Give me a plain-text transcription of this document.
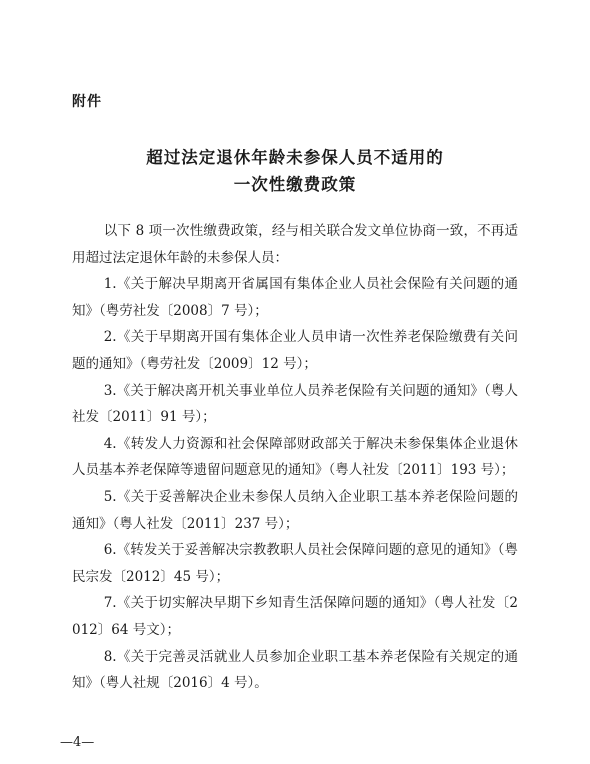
附件
超过法定退休年龄未参保人员不适用的
一次性缴费政策

以下 8 项一次性缴费政策，经与相关联合发文单位协商一致，不再适用超过法定退休年龄的未参保人员：

1.《关于解决早期离开省属国有集体企业人员社会保险有关问题的通知》（粤劳社发〔2008〕7 号）；

2.《关于早期离开国有集体企业人员申请一次性养老保险缴费有关问题的通知》（粤劳社发〔2009〕12 号）；

3.《关于解决离开机关事业单位人员养老保险有关问题的通知》（粤人社发〔2011〕91 号）；

4.《转发人力资源和社会保障部财政部关于解决未参保集体企业退休人员基本养老保障等遗留问题意见的通知》（粤人社发〔2011〕193 号）；

5.《关于妥善解决企业未参保人员纳入企业职工基本养老保险问题的通知》（粤人社发〔2011〕237 号）；

6.《转发关于妥善解决宗教教职人员社会保障问题的意见的通知》（粤民宗发〔2012〕45 号）；

7.《关于切实解决早期下乡知青生活保障问题的通知》（粤人社发〔2012〕64 号文）；

8.《关于完善灵活就业人员参加企业职工基本养老保险有关规定的通知》（粤人社规〔2016〕4 号）。

—4—
